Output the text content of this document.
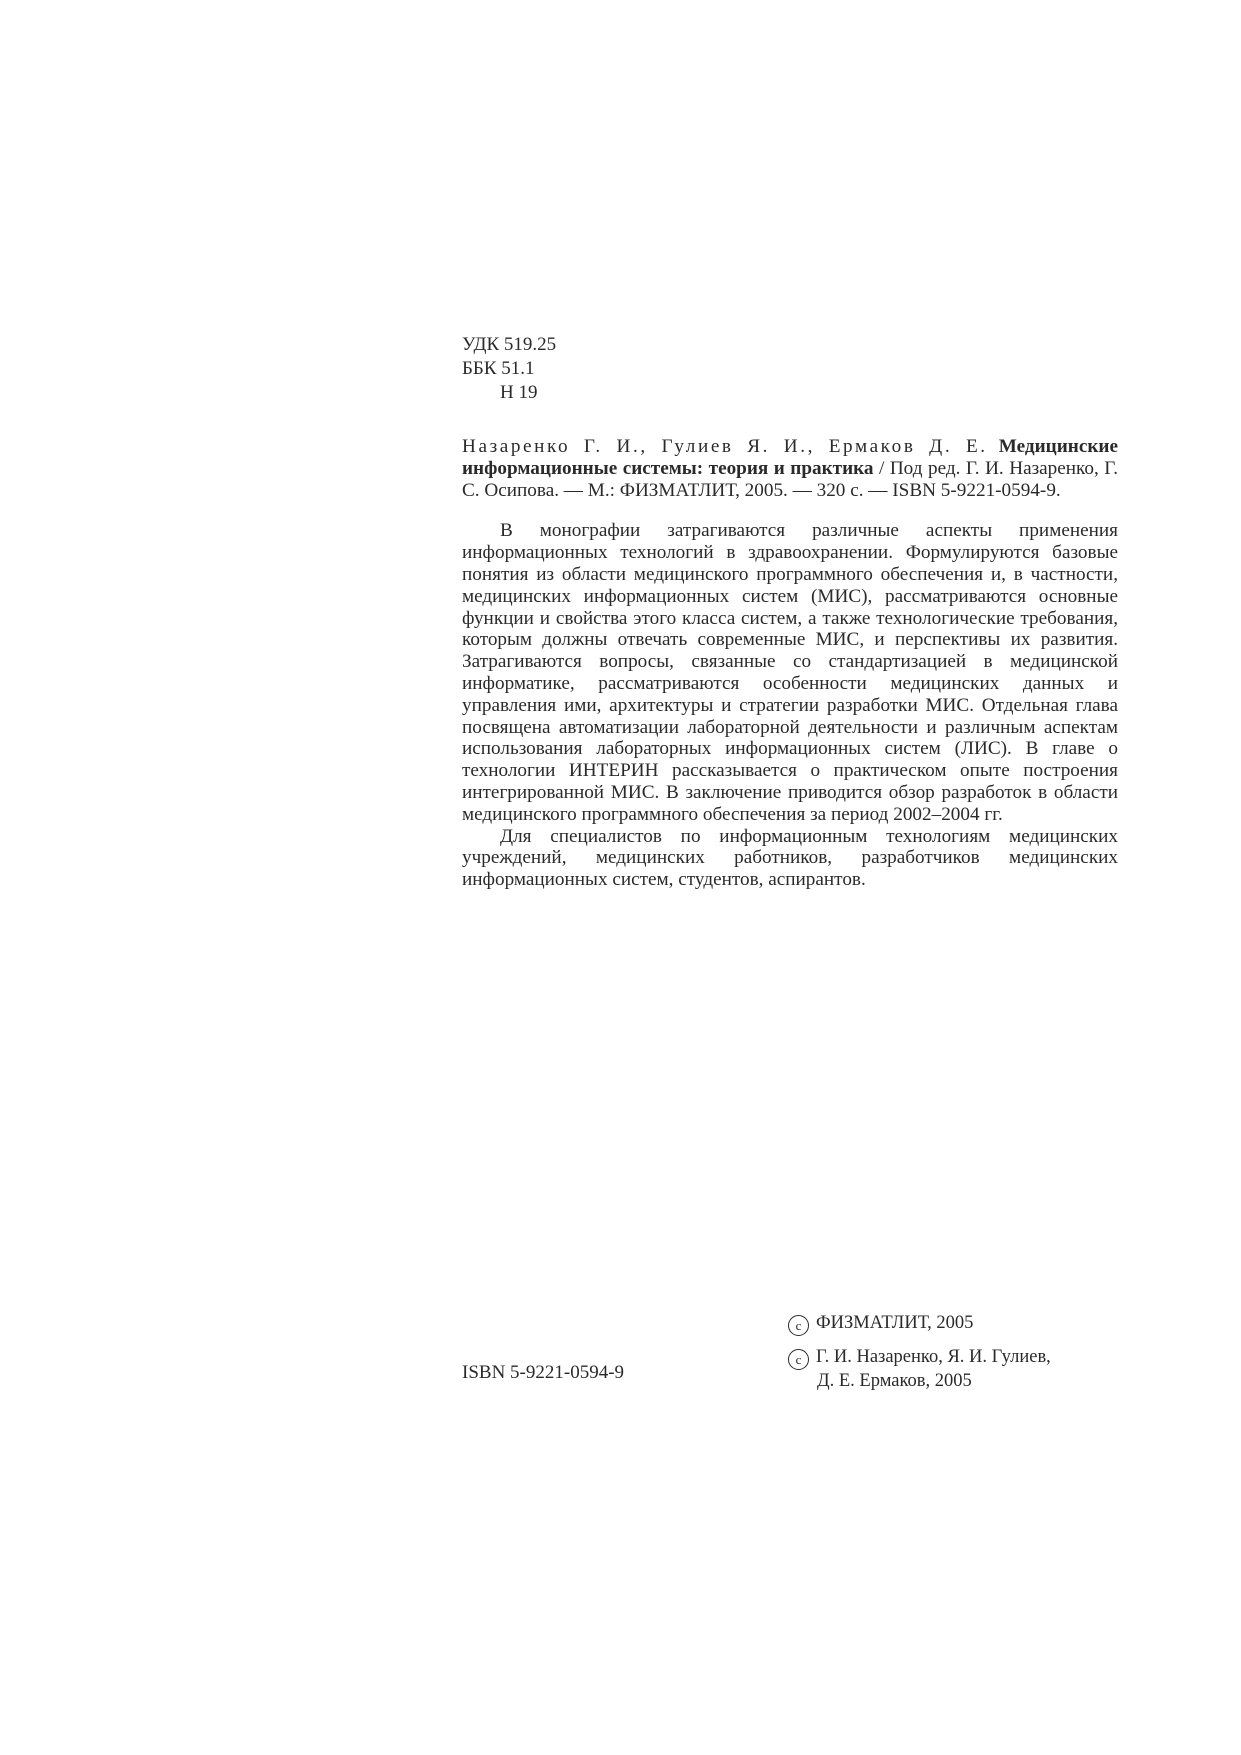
УДК 519.25
ББК 51.1
Н 19

Назаренко Г. И., Гулиев Я. И., Ермаков Д. Е. Медицинские информационные системы: теория и практика / Под ред. Г. И. Назаренко, Г. С. Осипова. — М.: ФИЗМАТЛИТ, 2005. — 320 с. — ISBN 5-9221-0594-9.

В монографии затрагиваются различные аспекты применения информационных технологий в здравоохранении. Формулируются базовые понятия из области медицинского программного обеспечения и, в частности, медицинских информационных систем (МИС), рассматриваются основные функции и свойства этого класса систем, а также технологические требования, которым должны отвечать современные МИС, и перспективы их развития. Затрагиваются вопросы, связанные со стандартизацией в медицинской информатике, рассматриваются особенности медицинских данных и управления ими, архитектуры и стратегии разработки МИС. Отдельная глава посвящена автоматизации лабораторной деятельности и различным аспектам использования лабораторных информационных систем (ЛИС). В главе о технологии ИНТЕРИН рассказывается о практическом опыте построения интегрированной МИС. В заключение приводится обзор разработок в области медицинского программного обеспечения за период 2002–2004 гг.

Для специалистов по информационным технологиям медицинских учреждений, медицинских работников, разработчиков медицинских информационных систем, студентов, аспирантов.

ISBN 5-9221-0594-9
c ФИЗМАТЛИТ, 2005
c Г. И. Назаренко, Я. И. Гулиев,
Д. Е. Ермаков, 2005
